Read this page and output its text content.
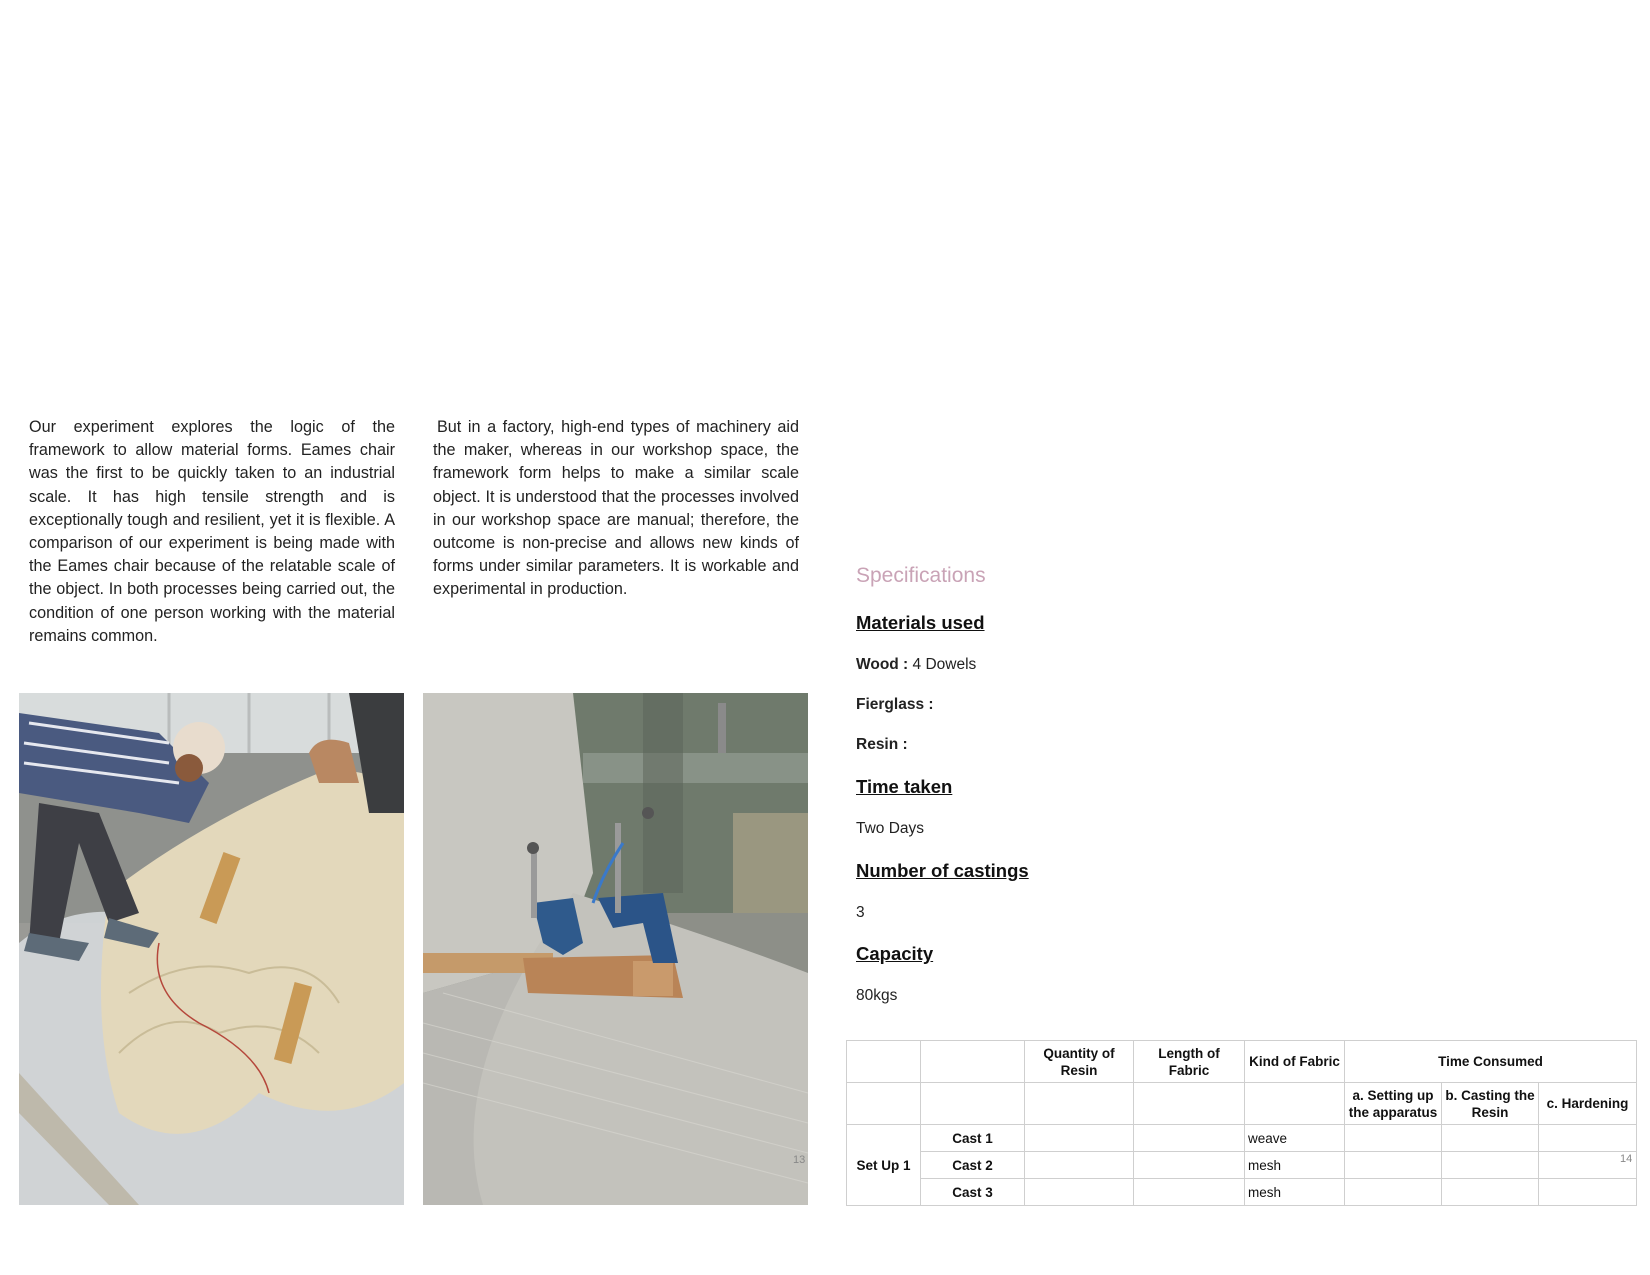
Our experiment explores the logic of the framework to allow material forms. Eames chair was the first to be quickly taken to an industrial scale. It has high tensile strength and is exceptionally tough and resilient, yet it is flexible. A comparison of our experiment is being made with the Eames chair because of the relatable scale of the object. In both processes being carried out, the condition of one person working with the material remains common.
But in a factory, high-end types of machinery aid the maker, whereas in our workshop space, the framework form helps to make a similar scale object. It is understood that the processes involved in our workshop space are manual; therefore, the outcome is non-precise and allows new kinds of forms under similar parameters. It is workable and experimental in production.
13
Specifications
Materials used
Wood : 4 Dowels
Fierglass :
Resin :
Time taken
Two Days
Number of castings
3
Capacity
80kgs
		Quantity of Resin	Length of Fabric	Kind of Fabric	Time Consumed		
					a. Setting up the apparatus	b. Casting the Resin	c. Hardening
Set Up 1	Cast 1			weave			
	Cast 2			mesh			
	Cast 3			mesh			
14
